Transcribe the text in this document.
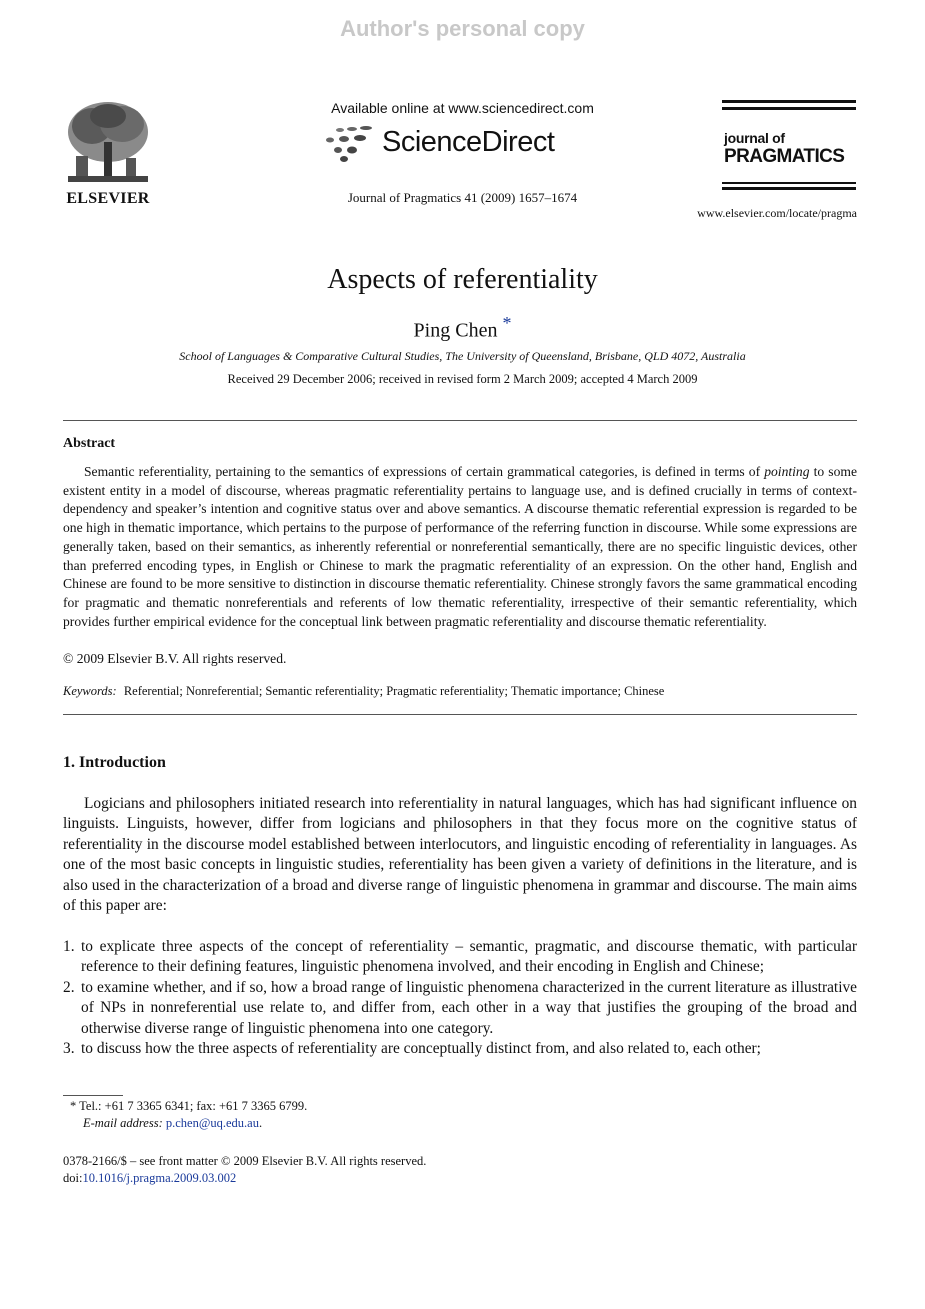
Author's personal copy
ELSEVIER
Available online at www.sciencedirect.com
ScienceDirect
Journal of Pragmatics 41 (2009) 1657–1674
journal of
PRAGMATICS
www.elsevier.com/locate/pragma
Aspects of referentiality
Ping Chen *
School of Languages & Comparative Cultural Studies, The University of Queensland, Brisbane, QLD 4072, Australia
Received 29 December 2006; received in revised form 2 March 2009; accepted 4 March 2009
Abstract

Semantic referentiality, pertaining to the semantics of expressions of certain grammatical categories, is defined in terms of pointing to some existent entity in a model of discourse, whereas pragmatic referentiality pertains to language use, and is defined crucially in terms of context-dependency and speaker’s intention and cognitive status over and above semantics. A discourse thematic referential expression is regarded to be one high in thematic importance, which pertains to the purpose of performance of the referring function in discourse. While some expressions are generally taken, based on their semantics, as inherently referential or nonreferential semantically, there are no specific linguistic devices, other than preferred encoding types, in English or Chinese to mark the pragmatic referentiality of an expression. On the other hand, English and Chinese are found to be more sensitive to distinction in discourse thematic referentiality. Chinese strongly favors the same grammatical encoding for pragmatic and thematic nonreferentials and referents of low thematic referentiality, irrespective of their semantic referentiality, which provides further empirical evidence for the conceptual link between pragmatic referentiality and discourse thematic referentiality.

© 2009 Elsevier B.V. All rights reserved.
Keywords: Referential; Nonreferential; Semantic referentiality; Pragmatic referentiality; Thematic importance; Chinese
1. Introduction

Logicians and philosophers initiated research into referentiality in natural languages, which has had significant influence on linguists. Linguists, however, differ from logicians and philosophers in that they focus more on the cognitive status of referentiality in the discourse model established between interlocutors, and linguistic encoding of referentiality in languages. As one of the most basic concepts in linguistic studies, referentiality has been given a variety of definitions in the literature, and is also used in the characterization of a broad and diverse range of linguistic phenomena in grammar and discourse. The main aims of this paper are:

1. to explicate three aspects of the concept of referentiality – semantic, pragmatic, and discourse thematic, with particular reference to their defining features, linguistic phenomena involved, and their encoding in English and Chinese;
2. to examine whether, and if so, how a broad range of linguistic phenomena characterized in the current literature as illustrative of NPs in nonreferential use relate to, and differ from, each other in a way that justifies the grouping of the broad and otherwise diverse range of linguistic phenomena into one category.
3. to discuss how the three aspects of referentiality are conceptually distinct from, and also related to, each other;
* Tel.: +61 7 3365 6341; fax: +61 7 3365 6799.
E-mail address: p.chen@uq.edu.au.
0378-2166/$ – see front matter © 2009 Elsevier B.V. All rights reserved.
doi:10.1016/j.pragma.2009.03.002
